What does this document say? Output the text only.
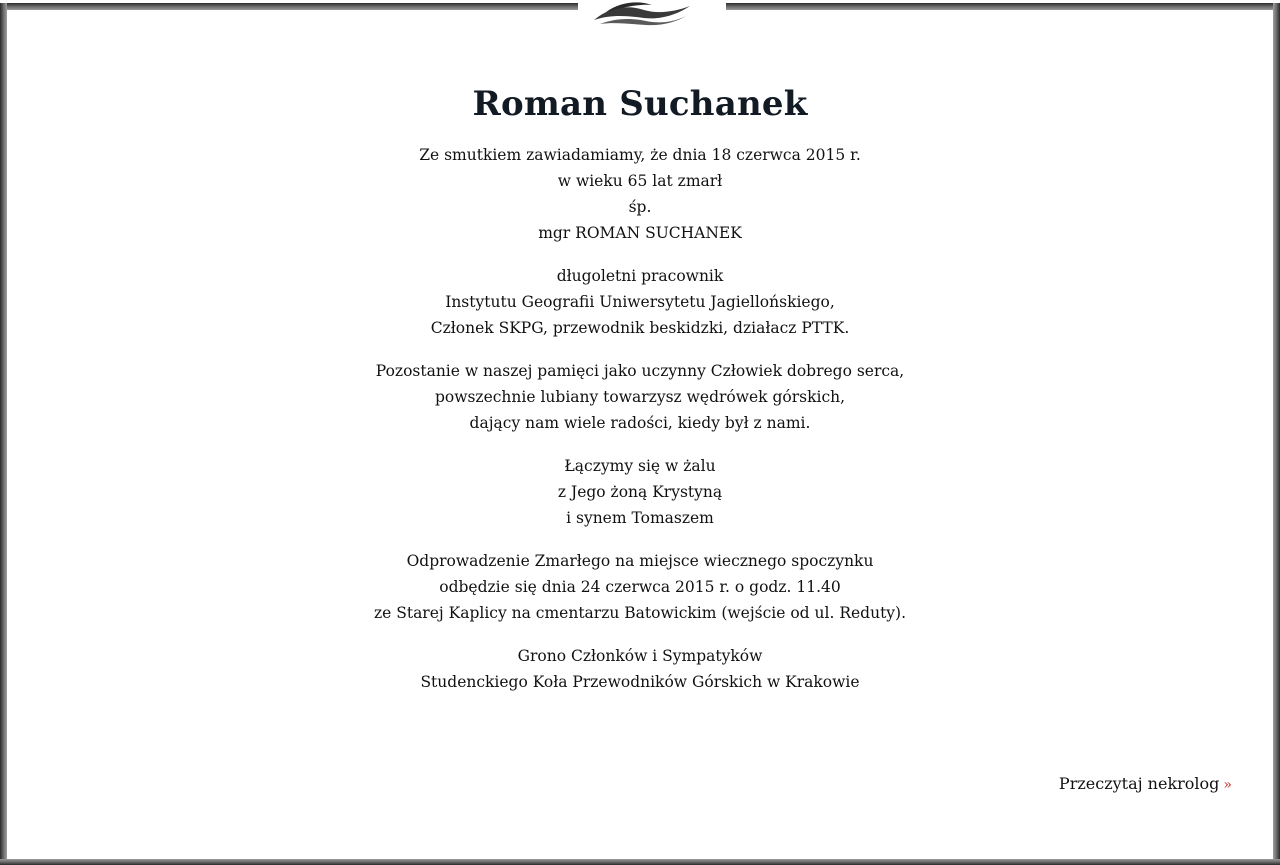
Roman Suchanek

Ze smutkiem zawiadamiamy, że dnia 18 czerwca 2015 r.
w wieku 65 lat zmarł
śp.
mgr ROMAN SUCHANEK

długoletni pracownik
Instytutu Geografii Uniwersytetu Jagiellońskiego,
Członek SKPG, przewodnik beskidzki, działacz PTTK.

Pozostanie w naszej pamięci jako uczynny Człowiek dobrego serca,
powszechnie lubiany towarzysz wędrówek górskich,
dający nam wiele radości, kiedy był z nami.

Łączymy się w żalu
z Jego żoną Krystyną
i synem Tomaszem

Odprowadzenie Zmarłego na miejsce wiecznego spoczynku
odbędzie się dnia 24 czerwca 2015 r. o godz. 11.40
ze Starej Kaplicy na cmentarzu Batowickim (wejście od ul. Reduty).

Grono Członków i Sympatyków
Studenckiego Koła Przewodników Górskich w Krakowie

Przeczytaj nekrolog »
